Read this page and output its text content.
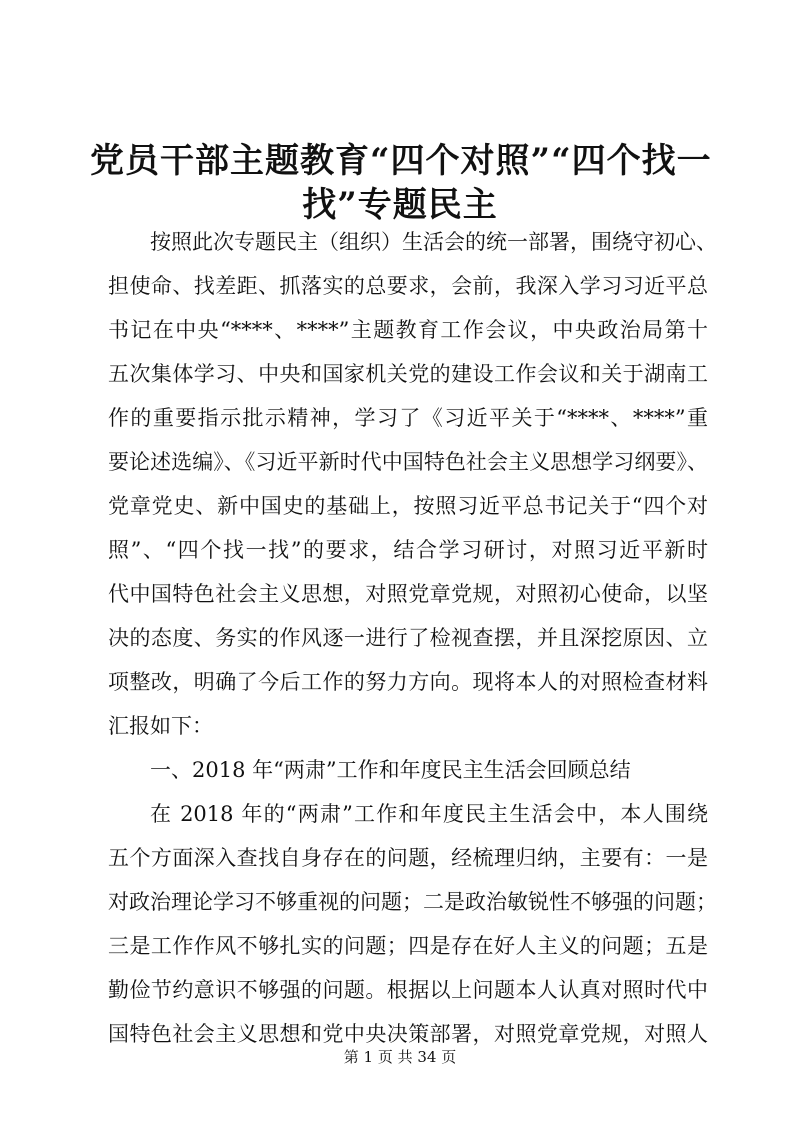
党员干部主题教育“四个对照”“四个找一
找”专题民主
按照此次专题民主（组织）生活会的统一部署，围绕守初心、
担使命、找差距、抓落实的总要求，会前，我深入学习习近平总
书记在中央“****、****”主题教育工作会议，中央政治局第十
五次集体学习、中央和国家机关党的建设工作会议和关于湖南工
作的重要指示批示精神，学习了《习近平关于“****、****”重
要论述选编》、《习近平新时代中国特色社会主义思想学习纲要》、
党章党史、新中国史的基础上，按照习近平总书记关于“四个对
照”、“四个找一找”的要求，结合学习研讨，对照习近平新时
代中国特色社会主义思想，对照党章党规，对照初心使命，以坚
决的态度、务实的作风逐一进行了检视查摆，并且深挖原因、立
项整改，明确了今后工作的努力方向。现将本人的对照检查材料
汇报如下：
一、2018 年“两肃”工作和年度民主生活会回顾总结
在 2018 年的“两肃”工作和年度民主生活会中，本人围绕
五个方面深入查找自身存在的问题，经梳理归纳，主要有：一是
对政治理论学习不够重视的问题；二是政治敏锐性不够强的问题；
三是工作作风不够扎实的问题；四是存在好人主义的问题；五是
勤俭节约意识不够强的问题。根据以上问题本人认真对照时代中
国特色社会主义思想和党中央决策部署，对照党章党规，对照人
第 1 页 共 34 页
